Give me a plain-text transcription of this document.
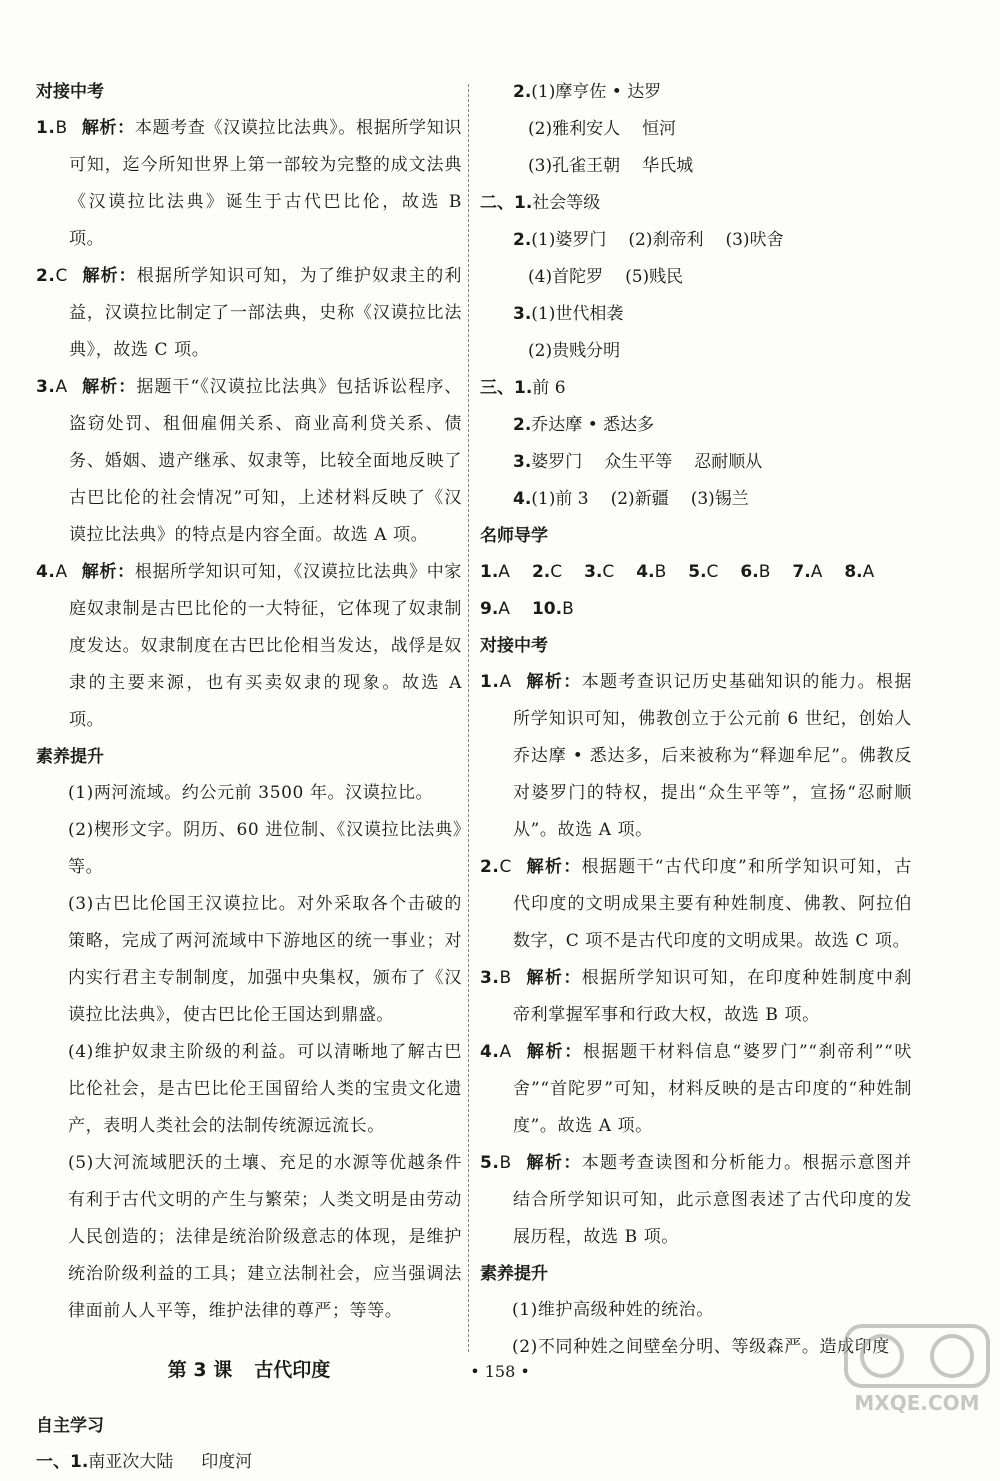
对接中考

1.B 解析：本题考查《汉谟拉比法典》。根据所学知识可知，迄今所知世界上第一部较为完整的成文法典《汉谟拉比法典》诞生于古代巴比伦，故选 B 项。

2.C 解析：根据所学知识可知，为了维护奴隶主的利益，汉谟拉比制定了一部法典，史称《汉谟拉比法典》，故选 C 项。

3.A 解析：据题干“《汉谟拉比法典》包括诉讼程序、盗窃处罚、租佃雇佣关系、商业高利贷关系、债务、婚姻、遗产继承、奴隶等，比较全面地反映了古巴比伦的社会情况”可知，上述材料反映了《汉谟拉比法典》的特点是内容全面。故选 A 项。

4.A 解析：根据所学知识可知，《汉谟拉比法典》中家庭奴隶制是古巴比伦的一大特征，它体现了奴隶制度发达。奴隶制度在古巴比伦相当发达，战俘是奴隶的主要来源，也有买卖奴隶的现象。故选 A 项。

素养提升

(1)两河流域。约公元前 3500 年。汉谟拉比。

(2)楔形文字。阴历、60 进位制、《汉谟拉比法典》等。

(3)古巴比伦国王汉谟拉比。对外采取各个击破的策略，完成了两河流域中下游地区的统一事业；对内实行君主专制制度，加强中央集权，颁布了《汉谟拉比法典》，使古巴比伦王国达到鼎盛。

(4)维护奴隶主阶级的利益。可以清晰地了解古巴比伦社会，是古巴比伦王国留给人类的宝贵文化遗产，表明人类社会的法制传统源远流长。

(5)大河流域肥沃的土壤、充足的水源等优越条件有利于古代文明的产生与繁荣；人类文明是由劳动人民创造的；法律是统治阶级意志的体现，是维护统治阶级利益的工具；建立法制社会，应当强调法律面前人人平等，维护法律的尊严；等等。

第 3 课 古代印度
自主学习
一、1.南亚次大陆 印度河
2.(1)摩亨佐 • 达罗
(2)雅利安人 恒河
(3)孔雀王朝 华氏城
二、1.社会等级
2.(1)婆罗门 (2)刹帝利 (3)吠舍
(4)首陀罗 (5)贱民
3.(1)世代相袭
(2)贵贱分明
三、1.前 6
2.乔达摩 • 悉达多
3.婆罗门 众生平等 忍耐顺从
4.(1)前 3 (2)新疆 (3)锡兰
名师导学
1.A 2.C 3.C 4.B 5.C 6.B 7.A 8.A
9.A 10.B
对接中考

1.A 解析：本题考查识记历史基础知识的能力。根据所学知识可知，佛教创立于公元前 6 世纪，创始人乔达摩 • 悉达多，后来被称为“释迦牟尼”。佛教反对婆罗门的特权，提出“众生平等”，宣扬“忍耐顺从”。故选 A 项。

2.C 解析：根据题干“古代印度”和所学知识可知，古代印度的文明成果主要有种姓制度、佛教、阿拉伯数字，C 项不是古代印度的文明成果。故选 C 项。

3.B 解析：根据所学知识可知，在印度种姓制度中刹帝利掌握军事和行政大权，故选 B 项。

4.A 解析：根据题干材料信息“婆罗门”“刹帝利”“吠舍”“首陀罗”可知，材料反映的是古印度的“种姓制度”。故选 A 项。

5.B 解析：本题考查读图和分析能力。根据示意图并结合所学知识可知，此示意图表述了古代印度的发展历程，故选 B 项。

素养提升

(1)维护高级种姓的统治。

(2)不同种姓之间壁垒分明、等级森严。造成印度

• 158 •
MXQE.COM
